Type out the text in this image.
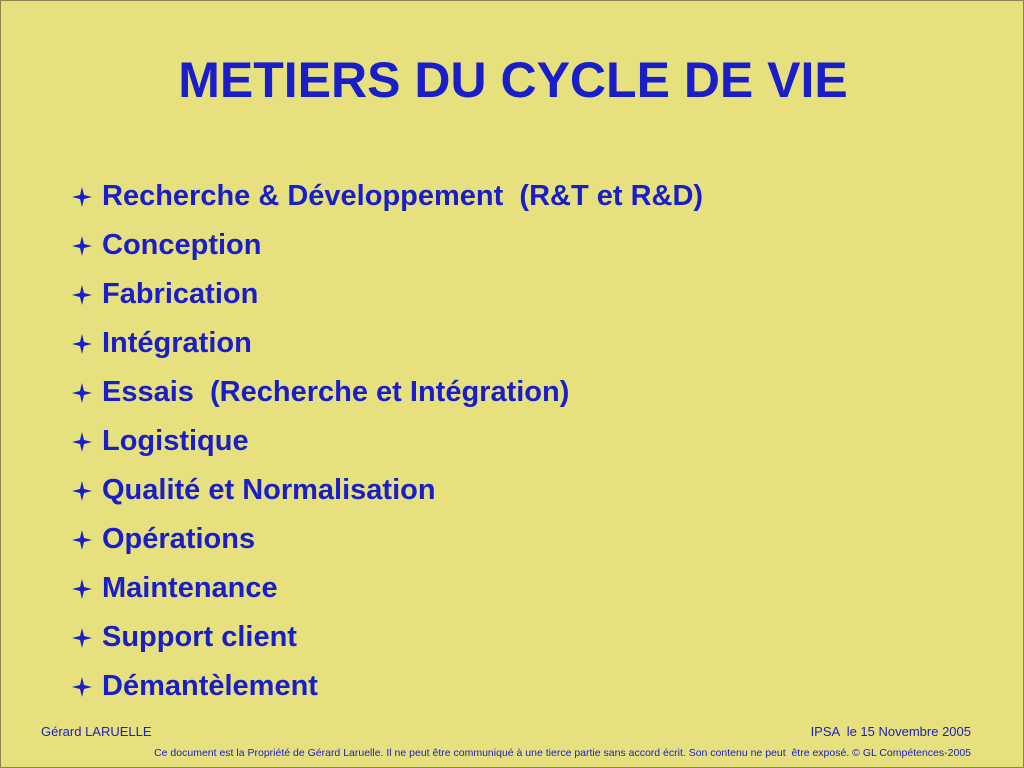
METIERS DU CYCLE DE VIE
Recherche & Développement  (R&T et R&D)
Conception
Fabrication
Intégration
Essais  (Recherche et Intégration)
Logistique
Qualité et Normalisation
Opérations
Maintenance
Support client
Démantèlement
Gérard LARUELLE	IPSA  le 15 Novembre 2005
Ce document est la Propriété de Gérard Laruelle. Il ne peut être communiqué à une tierce partie sans accord écrit. Son contenu ne peut  être exposé. © GL Compétences-2005
